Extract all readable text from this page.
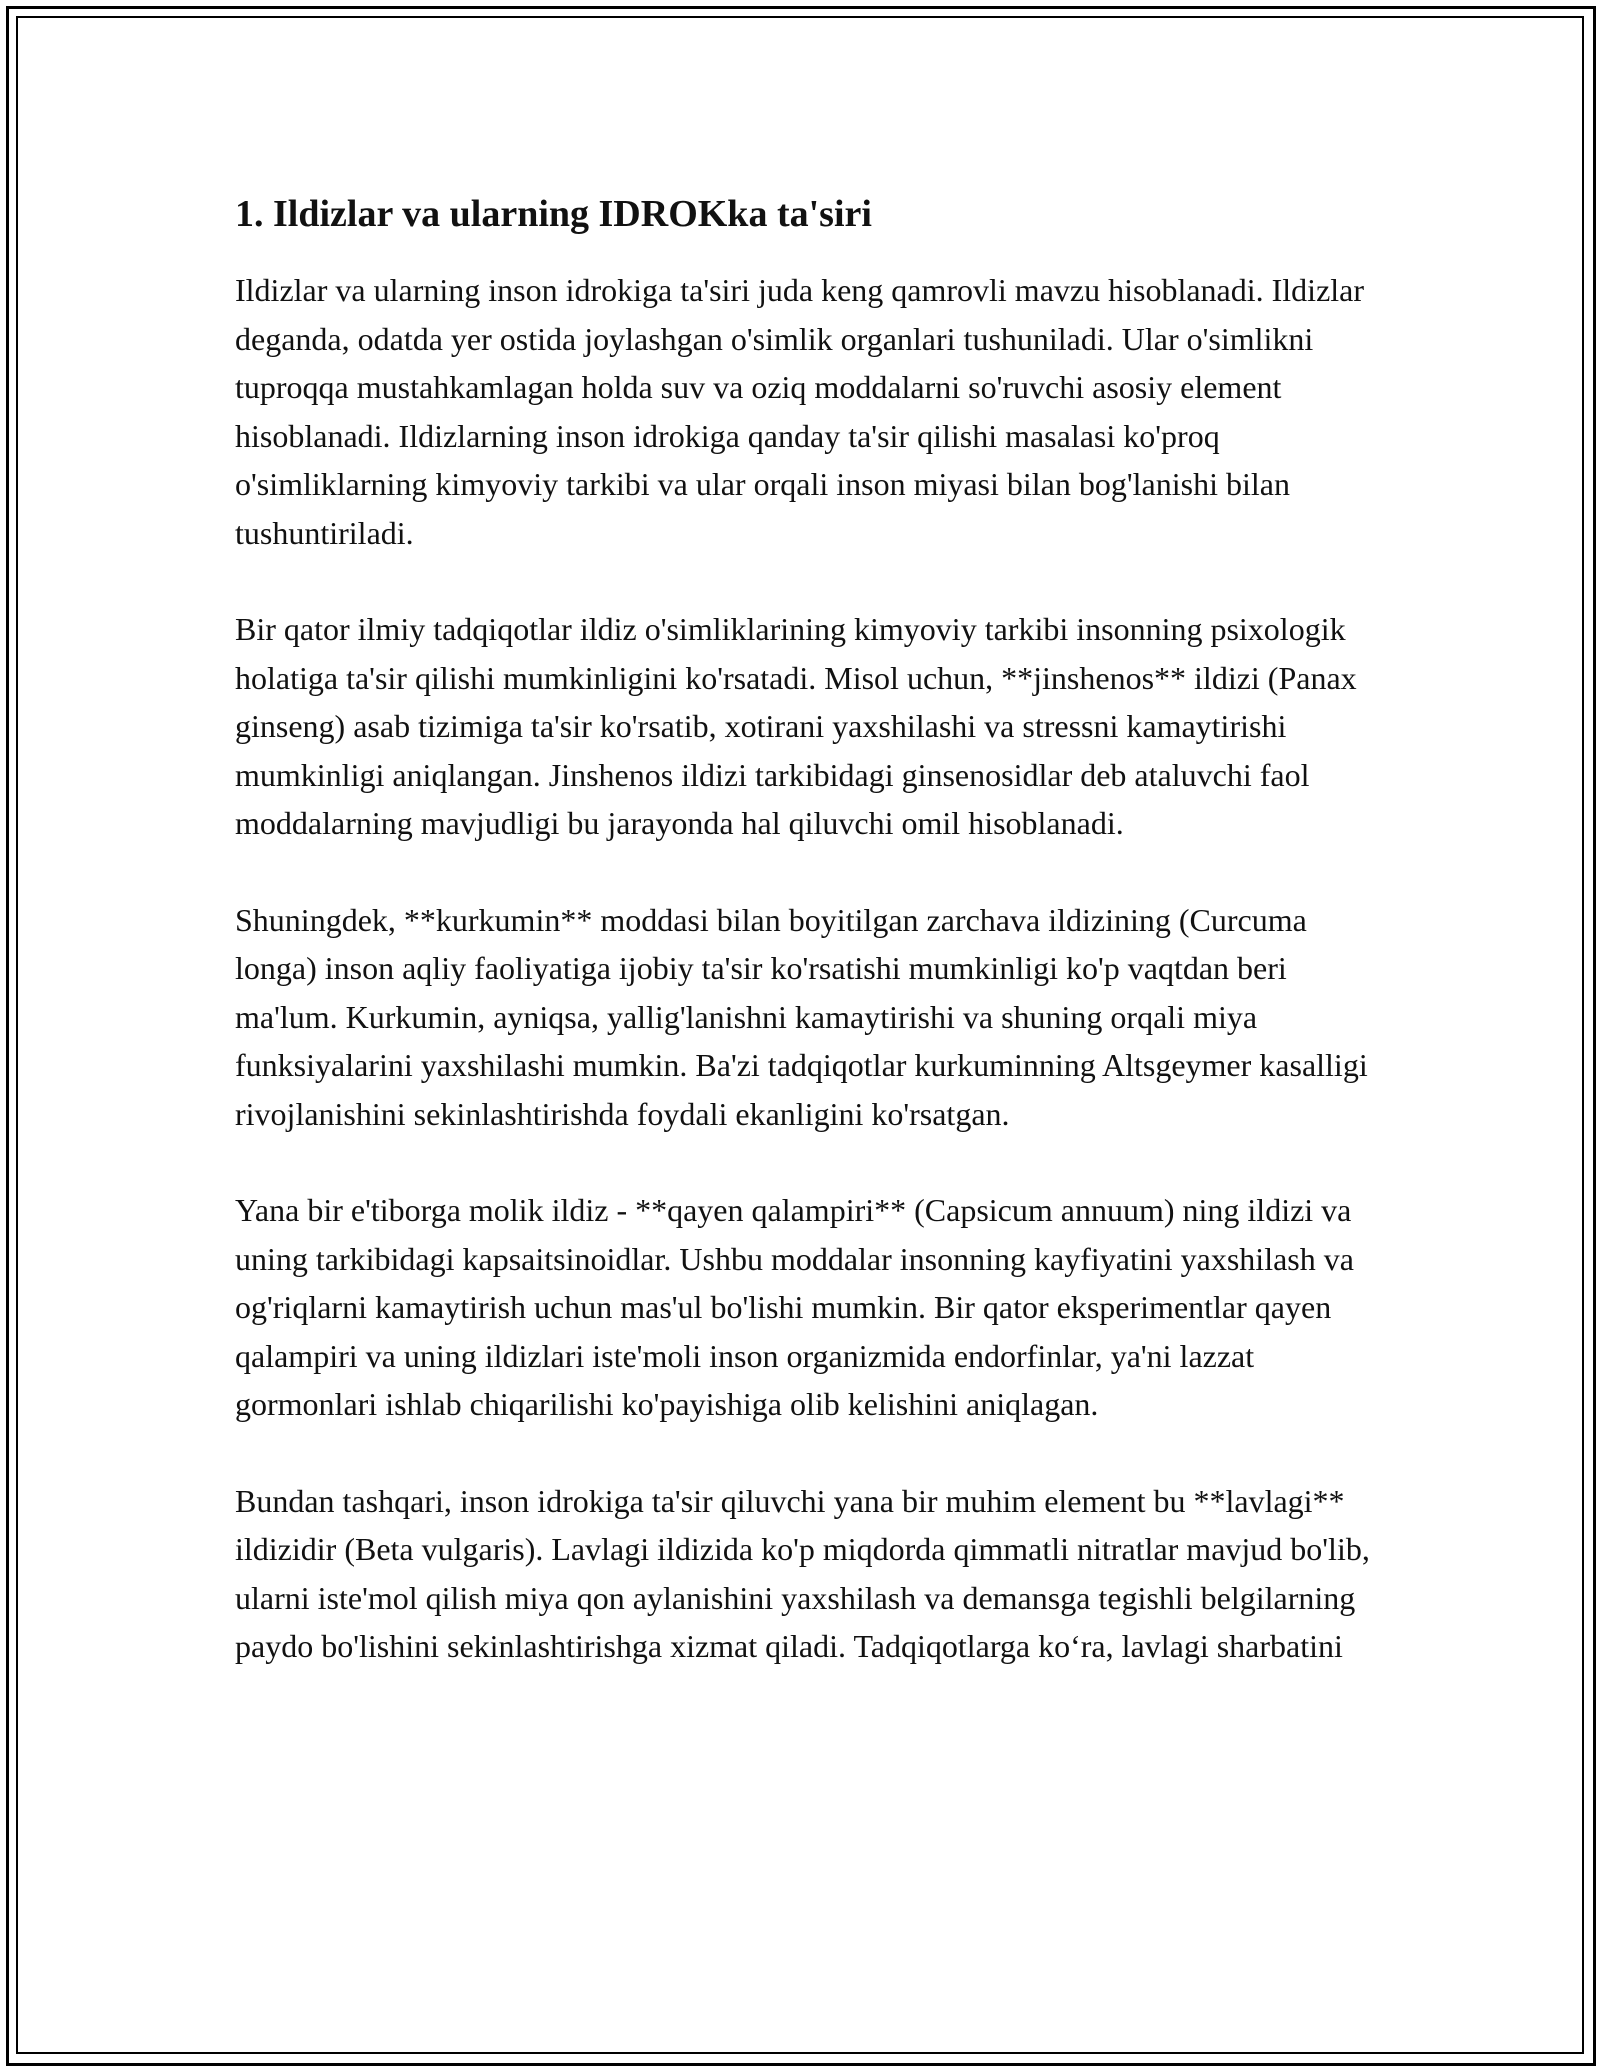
1. Ildizlar va ularning IDROKka ta'siri

Ildizlar va ularning inson idrokiga ta'siri juda keng qamrovli mavzu hisoblanadi. Ildizlar deganda, odatda yer ostida joylashgan o'simlik organlari tushuniladi. Ular o'simlikni tuproqqa mustahkamlagan holda suv va oziq moddalarni so'ruvchi asosiy element hisoblanadi. Ildizlarning inson idrokiga qanday ta'sir qilishi masalasi ko'proq o'simliklarning kimyoviy tarkibi va ular orqali inson miyasi bilan bog'lanishi bilan tushuntiriladi.

Bir qator ilmiy tadqiqotlar ildiz o'simliklarining kimyoviy tarkibi insonning psixologik holatiga ta'sir qilishi mumkinligini ko'rsatadi. Misol uchun, **jinshenos** ildizi (Panax ginseng) asab tizimiga ta'sir ko'rsatib, xotirani yaxshilashi va stressni kamaytirishi mumkinligi aniqlangan. Jinshenos ildizi tarkibidagi ginsenosidlar deb ataluvchi faol moddalarning mavjudligi bu jarayonda hal qiluvchi omil hisoblanadi.

Shuningdek, **kurkumin** moddasi bilan boyitilgan zarchava ildizining (Curcuma longa) inson aqliy faoliyatiga ijobiy ta'sir ko'rsatishi mumkinligi ko'p vaqtdan beri ma'lum. Kurkumin, ayniqsa, yallig'lanishni kamaytirishi va shuning orqali miya funksiyalarini yaxshilashi mumkin. Ba'zi tadqiqotlar kurkuminning Altsgeymer kasalligi rivojlanishini sekinlashtirishda foydali ekanligini ko'rsatgan.

Yana bir e'tiborga molik ildiz - **qayen qalampiri** (Capsicum annuum) ning ildizi va uning tarkibidagi kapsaitsinoidlar. Ushbu moddalar insonning kayfiyatini yaxshilash va og'riqlarni kamaytirish uchun mas'ul bo'lishi mumkin. Bir qator eksperimentlar qayen qalampiri va uning ildizlari iste'moli inson organizmida endorfinlar, ya'ni lazzat gormonlari ishlab chiqarilishi ko'payishiga olib kelishini aniqlagan.

Bundan tashqari, inson idrokiga ta'sir qiluvchi yana bir muhim element bu **lavlagi** ildizidir (Beta vulgaris). Lavlagi ildizida ko'p miqdorda qimmatli nitratlar mavjud bo'lib, ularni iste'mol qilish miya qon aylanishini yaxshilash va demansga tegishli belgilarning paydo bo'lishini sekinlashtirishga xizmat qiladi. Tadqiqotlarga ko‘ra, lavlagi sharbatini
